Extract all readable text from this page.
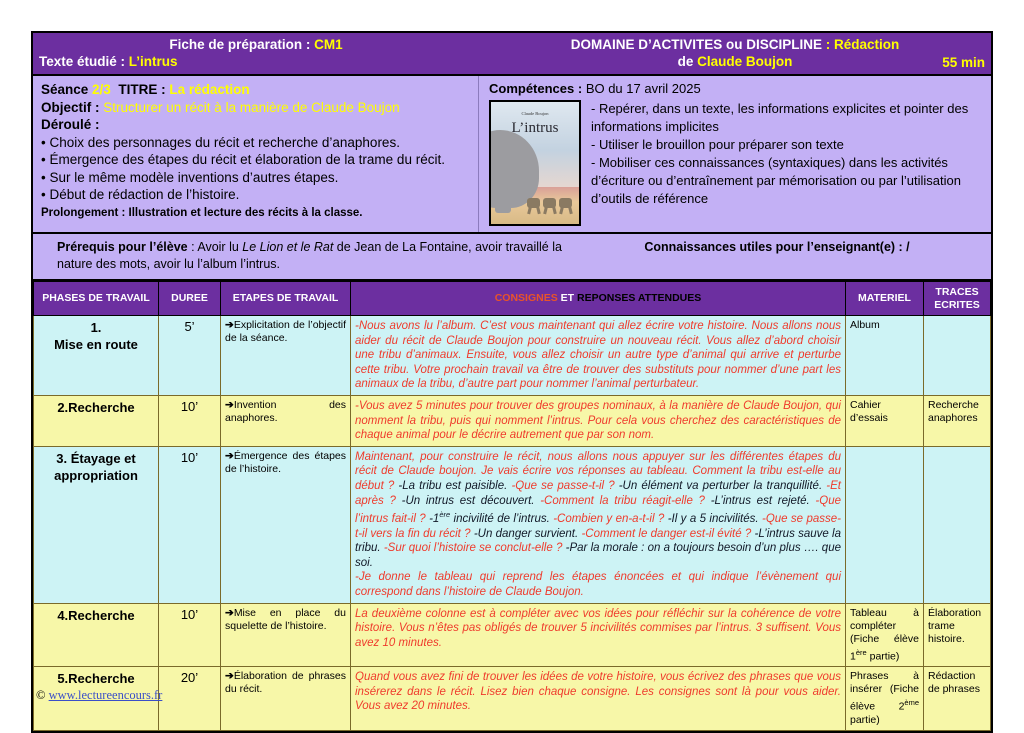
Fiche de préparation : CM1
Texte étudié : L’intrus
DOMAINE D’ACTIVITES ou DISCIPLINE : Rédaction
de Claude Boujon	55 min
Séance 2/3 TITRE : La rédaction
Objectif : Structurer un récit à la manière de Claude Boujon
Déroulé :
• Choix des personnages du récit et recherche d’anaphores.
• Émergence des étapes du récit et élaboration de la trame du récit.
• Sur le même modèle inventions d’autres étapes.
• Début de rédaction de l’histoire.
Prolongement : Illustration et lecture des récits à la classe.
Compétences : BO du 17 avril 2025
Claude Boujon
L’intrus
- Repérer, dans un texte, les informations explicites et pointer des informations implicites
- Utiliser le brouillon pour préparer son texte
- Mobiliser ces connaissances (syntaxiques) dans les activités d’écriture ou d’entraînement par mémorisation ou par l’utilisation d’outils de référence
Prérequis pour l’élève : Avoir lu Le Lion et le Rat de Jean de La Fontaine, avoir travaillé la nature des mots, avoir lu l’album l’intrus.
Connaissances utiles pour l’enseignant(e) : /
PHASES DE TRAVAIL	DUREE	ETAPES DE TRAVAIL	CONSIGNES ET REPONSES ATTENDUES	MATERIEL	TRACES ECRITES
1.
Mise en route	5’	➔Explicitation de l’objectif de la séance.	-Nous avons lu l’album. C’est vous maintenant qui allez écrire votre histoire. Nous allons nous aider du récit de Claude Boujon pour construire un nouveau récit. Vous allez d’abord choisir une tribu d’animaux. Ensuite, vous allez choisir un autre type d’animal qui arrive et perturbe cette tribu. Votre prochain travail va être de trouver des substituts pour nommer d’une part les animaux de la tribu, d’autre part pour nommer l’animal perturbateur.	Album	
2.Recherche	10’	➔Invention des anaphores.	-Vous avez 5 minutes pour trouver des groupes nominaux, à la manière de Claude Boujon, qui nomment la tribu, puis qui nomment l’intrus. Pour cela vous cherchez des caractéristiques de chaque animal pour le décrire autrement que par son nom.	Cahier d’essais	Recherche anaphores
3. Étayage et appropriation	10’	➔Émergence des étapes de l’histoire.	Maintenant, pour construire le récit, nous allons nous appuyer sur les différentes étapes du récit de Claude boujon. Je vais écrire vos réponses au tableau. Comment la tribu est-elle au début ? -La tribu est paisible. -Que se passe-t-il ? -Un élément va perturber la tranquillité. -Et après ? -Un intrus est découvert. -Comment la tribu réagit-elle ? -L’intrus est rejeté. -Que l’intrus fait-il ? -1ère incivilité de l’intrus. -Combien y en-a-t-il ? -Il y a 5 incivilités. -Que se passe-t-il vers la fin du récit ? -Un danger survient. -Comment le danger est-il évité ? -L’intrus sauve la tribu. -Sur quoi l’histoire se conclut-elle ? -Par la morale : on a toujours besoin d’un plus …. que soi.
-Je donne le tableau qui reprend les étapes énoncées et qui indique l’évènement qui correspond dans l’histoire de Claude Boujon.		
4.Recherche	10’	➔Mise en place du squelette de l’histoire.	La deuxième colonne est à compléter avec vos idées pour réfléchir sur la cohérence de votre histoire. Vous n’êtes pas obligés de trouver 5 incivilités commises par l’intrus. 3 suffisent. Vous avez 10 minutes.	Tableau à compléter (Fiche élève 1ère partie)	Élaboration trame histoire.
5.Recherche	20’	➔Élaboration de phrases du récit.	Quand vous avez fini de trouver les idées de votre histoire, vous écrivez des phrases que vous insérerez dans le récit. Lisez bien chaque consigne. Les consignes sont là pour vous aider. Vous avez 20 minutes.	Phrases à insérer (Fiche élève 2ème partie)	Rédaction de phrases
© www.lectureencours.fr
